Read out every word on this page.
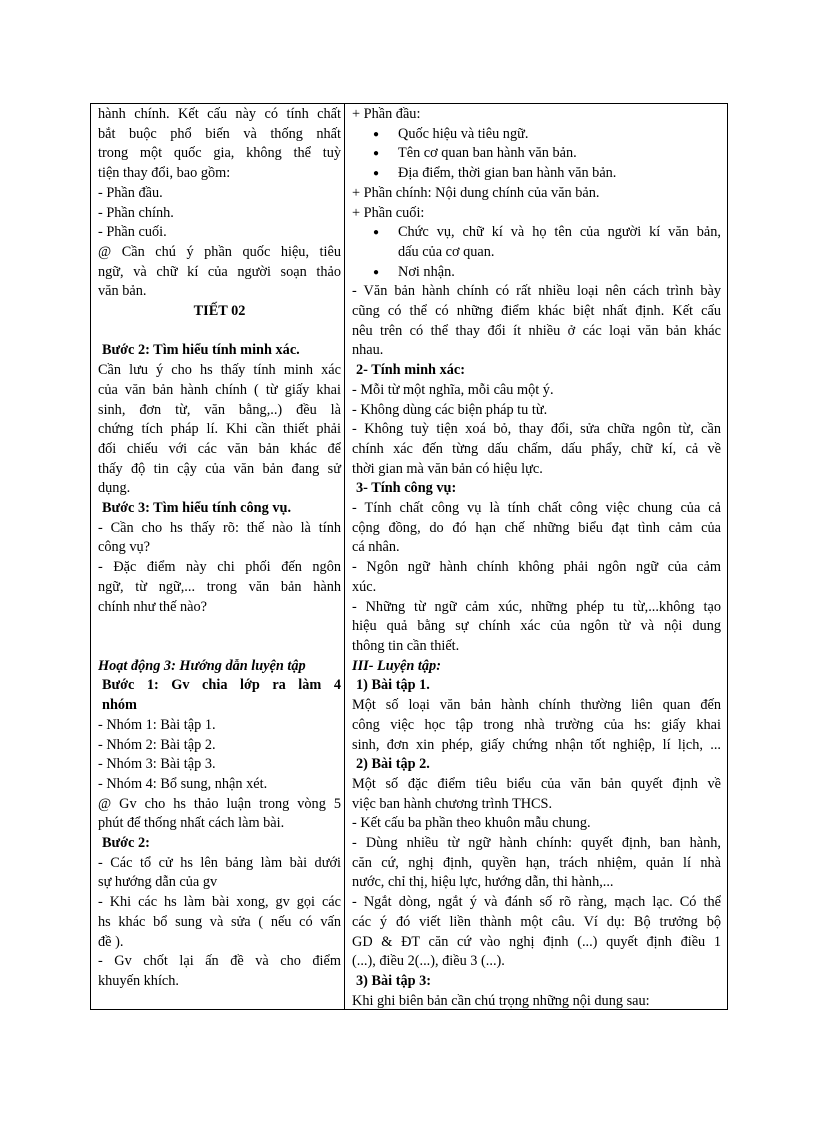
hành chính. Kết cấu này có tính chất

bắt buộc phổ biến và thống nhất

trong một quốc gia, không thể tuỳ

tiện thay đổi, bao gồm:

- Phần đầu.

- Phần chính.

- Phần cuối.

@ Cần chú ý phần quốc hiệu, tiêu

ngữ, và chữ kí của người soạn thảo

văn bản.

TIẾT 02

Bước 2: Tìm hiểu tính minh xác.

Cần lưu ý cho hs thấy tính minh xác

của văn bản hành chính ( từ giấy khai

sinh, đơn từ, văn bằng,..) đều là

chứng tích pháp lí. Khi cần thiết phải

đối chiếu với các văn bản khác để

thấy độ tin cậy của văn bản đang sử

dụng.

Bước 3: Tìm hiểu tính công vụ.

- Cần cho hs thấy rõ: thế nào là tính

công vụ?

- Đặc điểm này chi phối đến ngôn

ngữ, từ ngữ,... trong văn bản hành

chính như thế nào?

Hoạt động 3: Hướng dẫn luyện tập

Bước 1: Gv chia lớp ra làm 4

nhóm

- Nhóm 1: Bài tập 1.

- Nhóm 2: Bài tập 2.

- Nhóm 3: Bài tập 3.

- Nhóm 4: Bổ sung, nhận xét.

@ Gv cho hs thảo luận trong vòng 5

phút để thống nhất cách làm bài.

Bước 2:

- Các tổ cử hs lên bảng làm bài dưới

sự hướng dẫn của gv

- Khi các hs làm bài xong, gv gọi các

hs khác bổ sung và sửa ( nếu có vấn

đề ).

- Gv chốt lại ấn đề và cho điểm

khuyến khích.

+ Phần đầu:

● Quốc hiệu và tiêu ngữ.

● Tên cơ quan ban hành văn bản.

● Địa điểm, thời gian ban hành văn bản.

+ Phần chính: Nội dung chính của văn bản.

+ Phần cuối:

● Chức vụ, chữ kí và họ tên của người kí văn bản,

dấu của cơ quan.

● Nơi nhận.

- Văn bản hành chính có rất nhiều loại nên cách trình bày

cũng có thể có những điểm khác biệt nhất định. Kết cấu

nêu trên có thể thay đổi ít nhiều ở các loại văn bản khác

nhau.

2- Tính minh xác:

- Mỗi từ một nghĩa, mỗi câu một ý.

- Không dùng các biện pháp tu từ.

- Không tuỳ tiện xoá bỏ, thay đổi, sửa chữa ngôn từ, cần

chính xác đến từng dấu chấm, dấu phẩy, chữ kí, cả về

thời gian mà văn bản có hiệu lực.

3- Tính công vụ:

- Tính chất công vụ là tính chất công việc chung của cả

cộng đồng, do đó hạn chế những biểu đạt tình cảm của

cá nhân.

- Ngôn ngữ hành chính không phải ngôn ngữ của cảm

xúc.

- Những từ ngữ cảm xúc, những phép tu từ,...không tạo

hiệu quả bằng sự chính xác của ngôn từ và nội dung

thông tin cần thiết.

III- Luyện tập:

1) Bài tập 1.

Một số loại văn bản hành chính thường liên quan đến

công việc học tập trong nhà trường của hs: giấy khai

sinh, đơn xin phép, giấy chứng nhận tốt nghiệp, lí lịch, ...

2) Bài tập 2.

Một số đặc điểm tiêu biểu của văn bản quyết định về

việc ban hành chương trình THCS.

- Kết cấu ba phần theo khuôn mẫu chung.

- Dùng nhiều từ ngữ hành chính: quyết định, ban hành,

căn cứ, nghị định, quyền hạn, trách nhiệm, quản lí nhà

nước, chỉ thị, hiệu lực, hướng dẫn, thi hành,...

- Ngắt dòng, ngắt ý và đánh số rõ ràng, mạch lạc. Có thể

các ý đó viết liền thành một câu. Ví dụ: Bộ trưởng bộ

GD & ĐT căn cứ vào nghị định (...) quyết định điều 1

(...), điều 2(...), điều 3 (...).

3) Bài tập 3:

Khi ghi biên bản cần chú trọng những nội dung sau:
